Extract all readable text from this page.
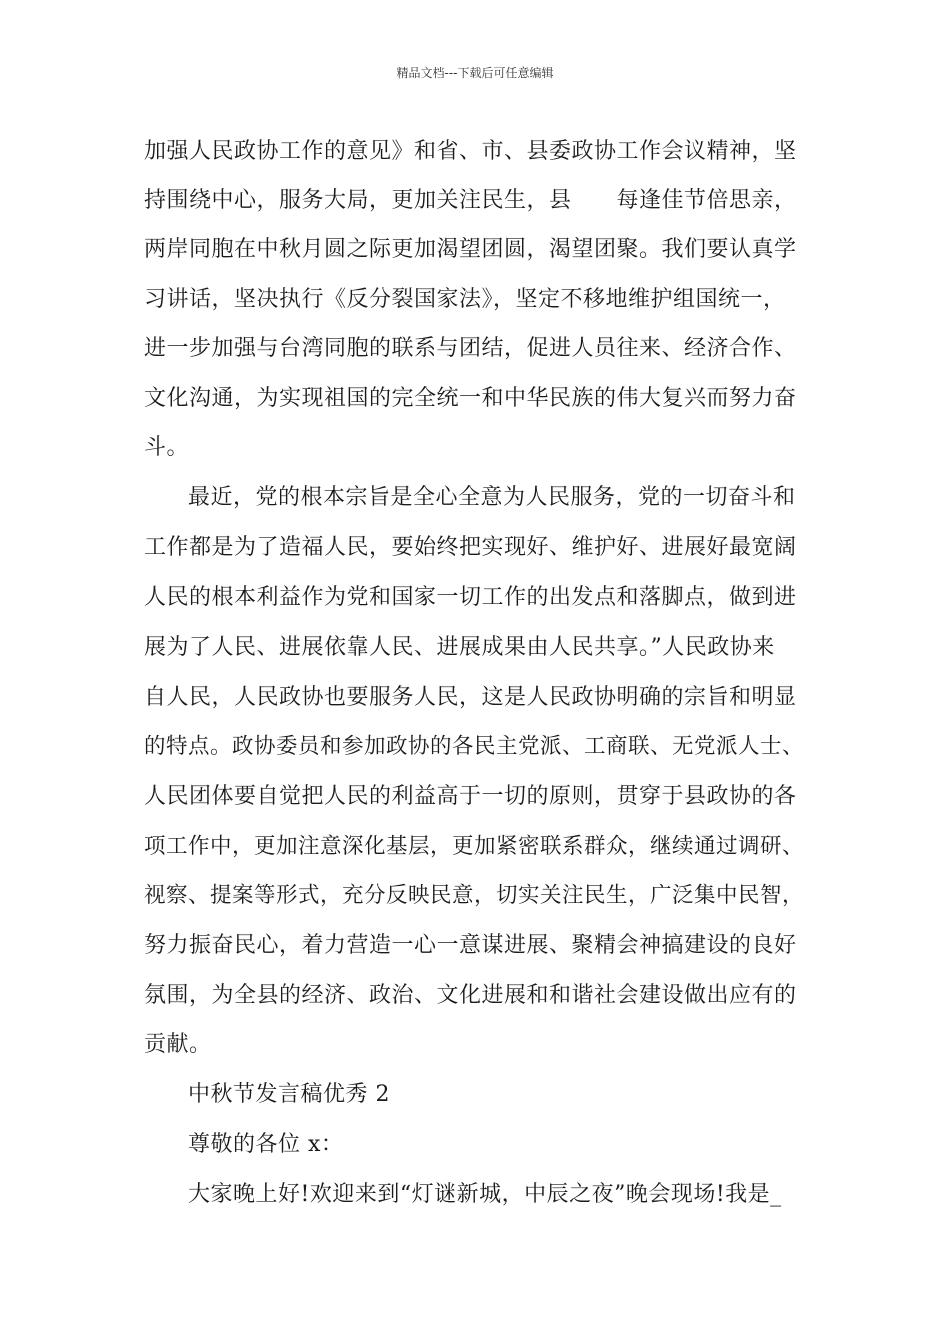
精品文档---下载后可任意编辑
加强人民政协工作的意见》和省、市、县委政协工作会议精神，坚
持围绕中心，服务大局，更加关注民生，县　　每逢佳节倍思亲，
两岸同胞在中秋月圆之际更加渴望团圆，渴望团聚。我们要认真学
习讲话，坚决执行《反分裂国家法》，坚定不移地维护组国统一，
进一步加强与台湾同胞的联系与团结，促进人员往来、经济合作、
文化沟通，为实现祖国的完全统一和中华民族的伟大复兴而努力奋
斗。
最近，党的根本宗旨是全心全意为人民服务，党的一切奋斗和
工作都是为了造福人民，要始终把实现好、维护好、进展好最宽阔
人民的根本利益作为党和国家一切工作的出发点和落脚点，做到进
展为了人民、进展依靠人民、进展成果由人民共享。”人民政协来
自人民，人民政协也要服务人民，这是人民政协明确的宗旨和明显
的特点。政协委员和参加政协的各民主党派、工商联、无党派人士、
人民团体要自觉把人民的利益高于一切的原则，贯穿于县政协的各
项工作中，更加注意深化基层，更加紧密联系群众，继续通过调研、
视察、提案等形式，充分反映民意，切实关注民生，广泛集中民智，
努力振奋民心，着力营造一心一意谋进展、聚精会神搞建设的良好
氛围，为全县的经济、政治、文化进展和和谐社会建设做出应有的
贡献。
中秋节发言稿优秀 2
尊敬的各位 x：
大家晚上好!欢迎来到“灯谜新城，中辰之夜”晚会现场!我是_
